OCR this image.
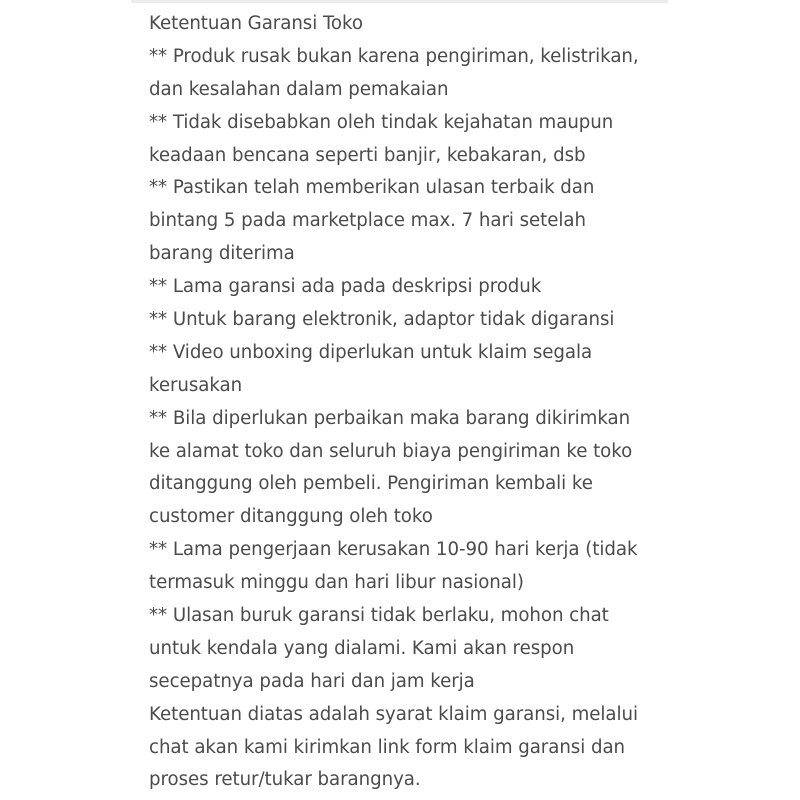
Ketentuan Garansi Toko
** Produk rusak bukan karena pengiriman, kelistrikan,
dan kesalahan dalam pemakaian
** Tidak disebabkan oleh tindak kejahatan maupun
keadaan bencana seperti banjir, kebakaran, dsb
** Pastikan telah memberikan ulasan terbaik dan
bintang 5 pada marketplace max. 7 hari setelah
barang diterima
** Lama garansi ada pada deskripsi produk
** Untuk barang elektronik, adaptor tidak digaransi
** Video unboxing diperlukan untuk klaim segala
kerusakan
** Bila diperlukan perbaikan maka barang dikirimkan
ke alamat toko dan seluruh biaya pengiriman ke toko
ditanggung oleh pembeli. Pengiriman kembali ke
customer ditanggung oleh toko
** Lama pengerjaan kerusakan 10-90 hari kerja (tidak
termasuk minggu dan hari libur nasional)
** Ulasan buruk garansi tidak berlaku, mohon chat
untuk kendala yang dialami. Kami akan respon
secepatnya pada hari dan jam kerja
Ketentuan diatas adalah syarat klaim garansi, melalui
chat akan kami kirimkan link form klaim garansi dan
proses retur/tukar barangnya.
